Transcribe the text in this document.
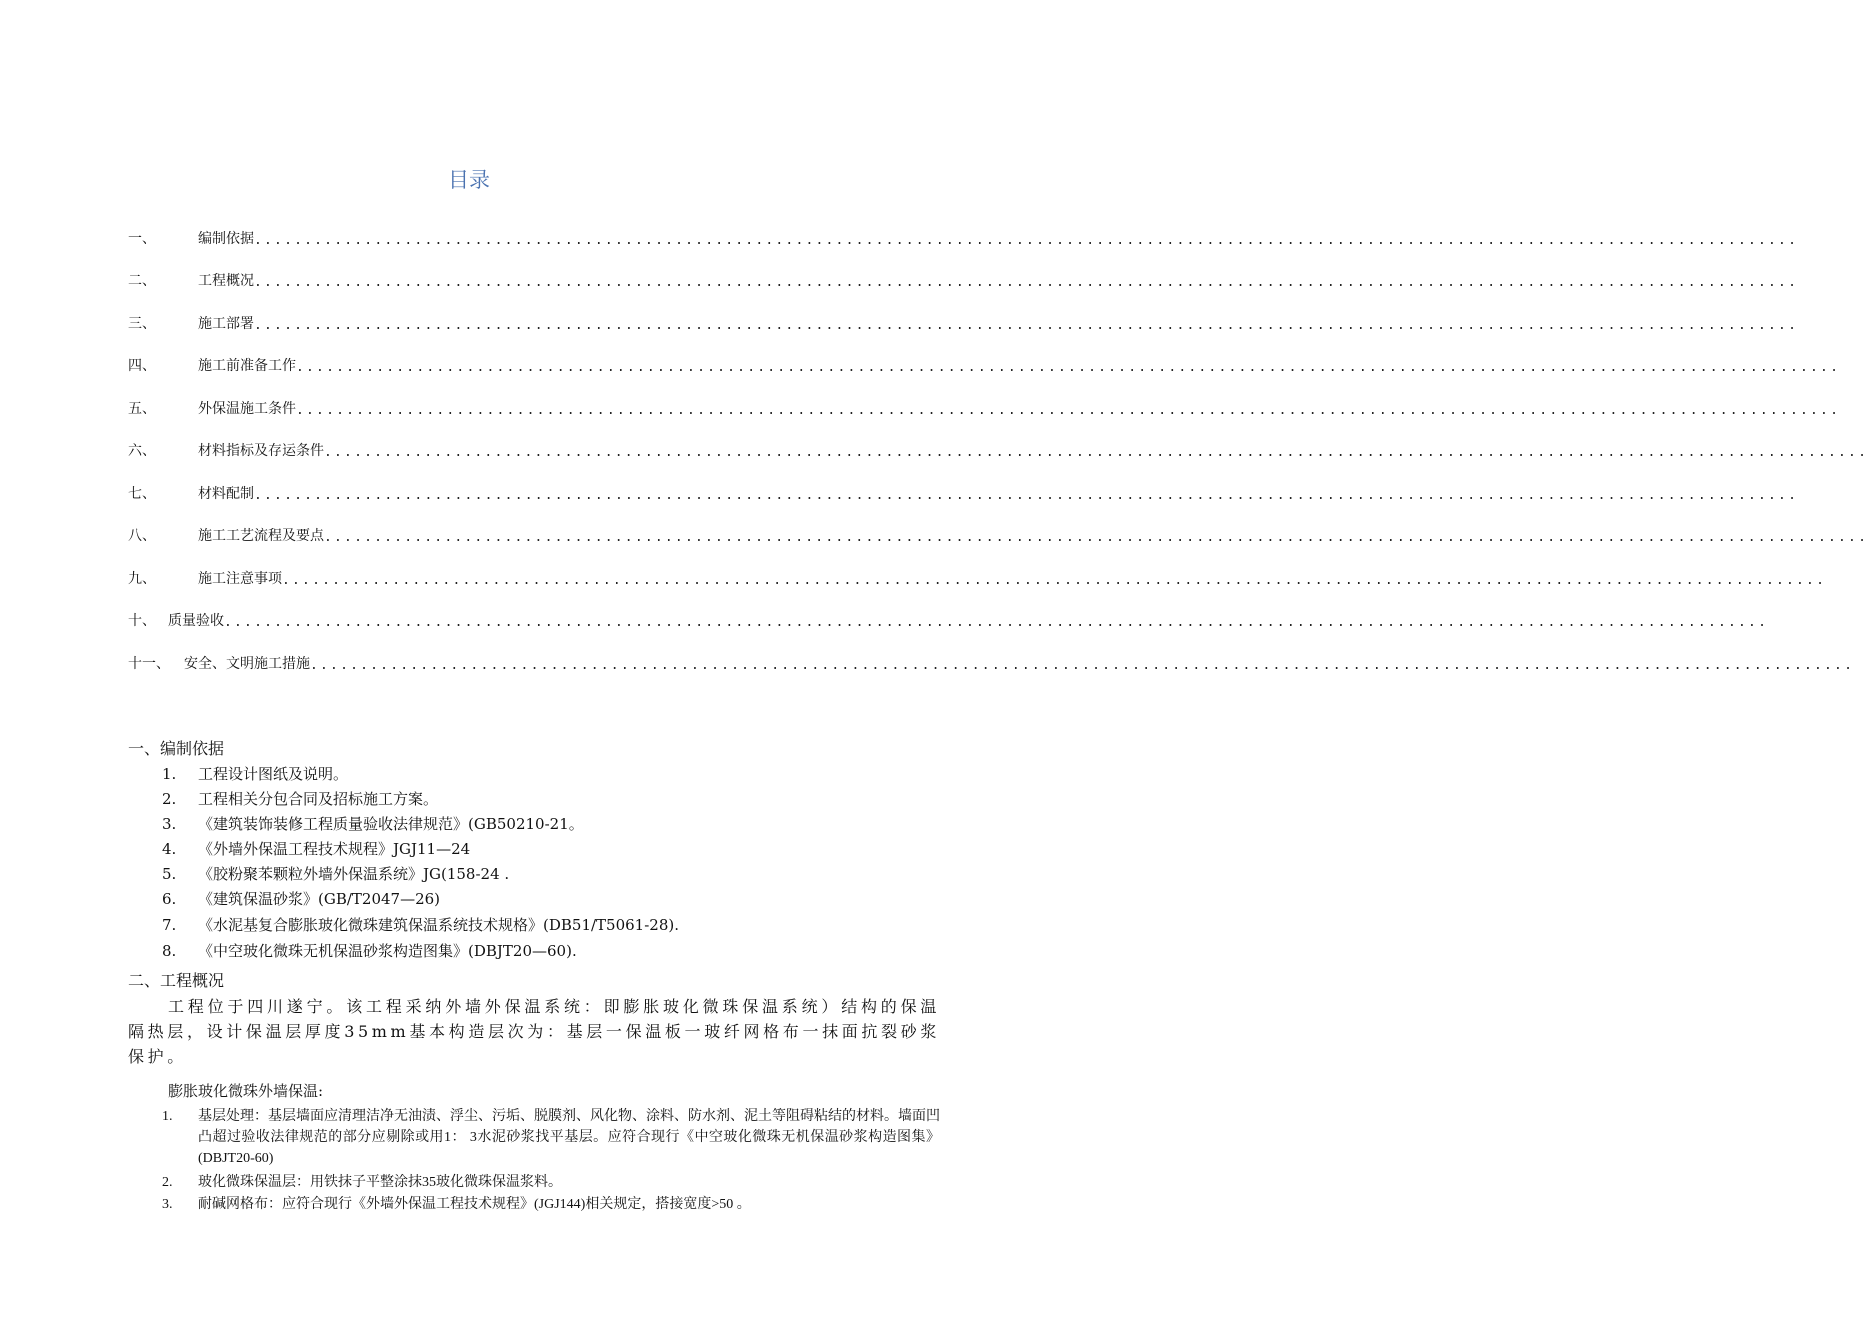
目录
一、	编制依据 ..........................................................................................................................................................
二、	工程概况 ..........................................................................................................................................................
三、	施工部署 ..........................................................................................................................................................
四、	施工前准备工作 ..........................................................................................................................................................
五、	外保温施工条件 ..........................................................................................................................................................
六、	材料指标及存运条件 ..........................................................................................................................................................
七、	材料配制 ..........................................................................................................................................................
八、	施工工艺流程及要点 ..........................................................................................................................................................
九、	施工注意事项 ..........................................................................................................................................................
十、 质量验收 ..........................................................................................................................................................
十一、	安全、文明施工措施 ..........................................................................................................................................................
一、编制依据
1. 工程设计图纸及说明。
2. 工程相关分包合同及招标施工方案。
3. 《建筑装饰装修工程质量验收法律规范》(GB50210-21。
4. 《外墙外保温工程技术规程》JGJ11—24
5. 《胶粉聚苯颗粒外墙外保温系统》JG(158-24 .
6. 《建筑保温砂浆》(GB/T2047—26)
7. 《水泥基复合膨胀玻化微珠建筑保温系统技术规格》(DB51/T5061-28).
8. 《中空玻化微珠无机保温砂浆构造图集》(DBJT20—60).
二、工程概况
工程位于四川遂宁。该工程采纳外墙外保温系统：即膨胀玻化微珠保温系统）结构的保温隔热层，设计保温层厚度35mm基本构造层次为：基层一保温板一玻纤网格布一抹面抗裂砂浆保护。
膨胀玻化微珠外墙保温:
1.	基层处理：基层墙面应清理洁净无油渍、浮尘、污垢、脱膜剂、风化物、涂料、防水剂、泥土等阻碍粘结的材料。墙面凹凸超过验收法律规范的部分应剔除或用1： 3水泥砂浆找平基层。应符合现行《中空玻化微珠无机保温砂浆构造图集》(DBJT20-60)
2.	玻化微珠保温层：用铁抹子平整涂抹35玻化微珠保温浆料。
3.	耐碱网格布：应符合现行《外墙外保温工程技术规程》(JGJ144)相关规定，搭接宽度>50 。
